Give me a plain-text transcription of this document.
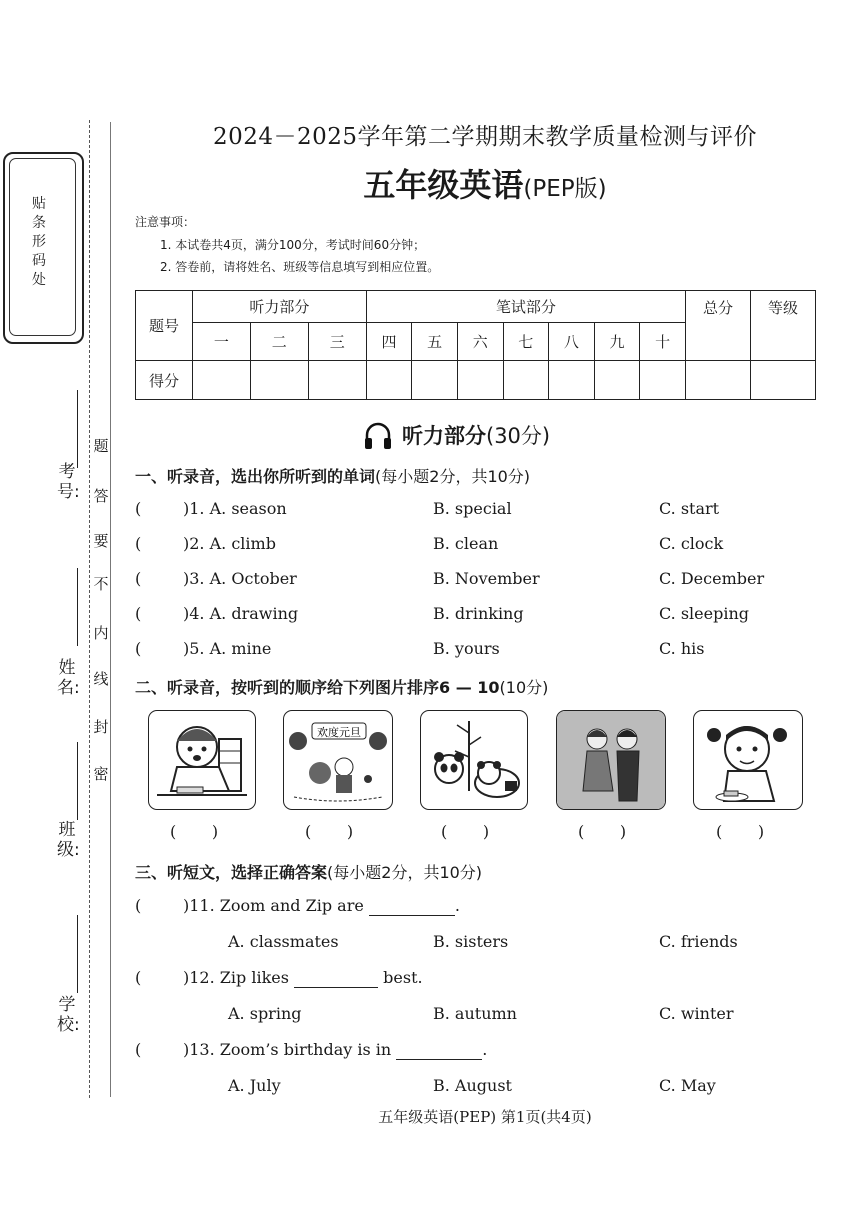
贴条形码处
考号:
姓名:
班级:
学校:
题
答
要
不
内
线
封
密
2024－2025学年第二学期期末教学质量检测与评价
五年级英语(PEP版)
注意事项：
1. 本试卷共4页，满分100分，考试时间60分钟；
2. 答卷前，请将姓名、班级等信息填写到相应位置。
题号	听力部分			笔试部分							总分	等级
	一	二	三	四	五	六	七	八	九	十		
得分												
听力部分(30分)
一、听录音，选出你所听到的单词(每小题2分，共10分)
(	)1. A. season	B. special	C. start
(	)2. A. climb	B. clean	C. clock
(	)3. A. October	B. November	C. December
(	)4. A. drawing	B. drinking	C. sleeping
(	)5. A. mine	B. yours	C. his
二、听录音，按听到的顺序给下列图片排序6 — 10(10分)
欢度元旦
(       )	(       )	(       )	(       )	(       )
三、听短文，选择正确答案(每小题2分，共10分)
(	)11. Zoom and Zip are	.
A. classmates	B. sisters	C. friends
(	)12. Zip likes	best.
A. spring	B. autumn	C. winter
(	)13. Zoom’s birthday is in	.
A. July	B. August	C. May
五年级英语(PEP) 第1页(共4页)
